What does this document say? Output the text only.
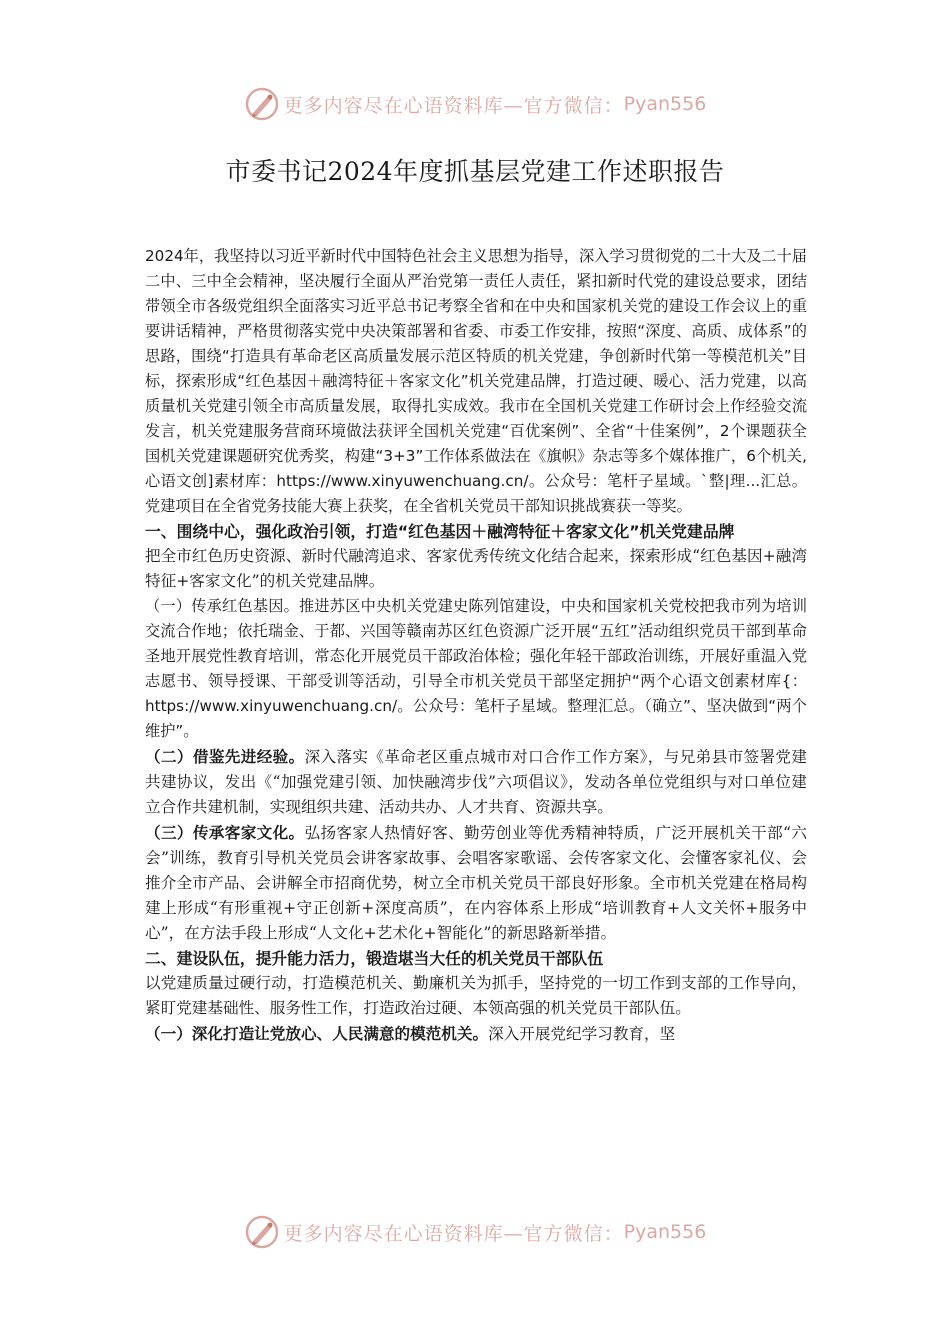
更多内容尽在心语资料库—官方微信： Pyan556
市委书记2024年度抓基层党建工作述职报告

2024年，我坚持以习近平新时代中国特色社会主义思想为指导，深入学习贯彻党的二十大及二十届二中、三中全会精神，坚决履行全面从严治党第一责任人责任，紧扣新时代党的建设总要求，团结带领全市各级党组织全面落实习近平总书记考察全省和在中央和国家机关党的建设工作会议上的重要讲话精神，严格贯彻落实党中央决策部署和省委、市委工作安排，按照“深度、高质、成体系”的思路，围绕“打造具有革命老区高质量发展示范区特质的机关党建，争创新时代第一等模范机关”目标，探索形成“红色基因＋融湾特征＋客家文化”机关党建品牌，打造过硬、暖心、活力党建，以高质量机关党建引领全市高质量发展，取得扎实成效。我市在全国机关党建工作研讨会上作经验交流发言，机关党建服务营商环境做法获评全国机关党建“百优案例”、全省“十佳案例”，2个课题获全国机关党建课题研究优秀奖，构建“3+3”工作体系做法在《旗帜》杂志等多个媒体推广，6个机关,心语文创]素材库：https://www.xinyuwenchuang.cn/。公众号：笔杆子星域。`整|理...汇总。党建项目在全省党务技能大赛上获奖，在全省机关党员干部知识挑战赛获一等奖。

一、围绕中心，强化政治引领，打造“红色基因＋融湾特征＋客家文化”机关党建品牌

把全市红色历史资源、新时代融湾追求、客家优秀传统文化结合起来，探索形成“红色基因+融湾特征+客家文化”的机关党建品牌。

（一）传承红色基因。推进苏区中央机关党建史陈列馆建设，中央和国家机关党校把我市列为培训交流合作地；依托瑞金、于都、兴国等赣南苏区红色资源广泛开展“五红”活动组织党员干部到革命圣地开展党性教育培训，常态化开展党员干部政治体检；强化年轻干部政治训练，开展好重温入党志愿书、领导授课、干部受训等活动，引导全市机关党员干部坚定拥护“两个心语文创素材库{：https://www.xinyuwenchuang.cn/。公众号：笔杆子星域。整理汇总。（确立”、坚决做到“两个维护”。

（二）借鉴先进经验。深入落实《革命老区重点城市对口合作工作方案》，与兄弟县市签署党建共建协议，发出《“加强党建引领、加快融湾步伐”六项倡议》，发动各单位党组织与对口单位建立合作共建机制，实现组织共建、活动共办、人才共育、资源共享。

（三）传承客家文化。弘扬客家人热情好客、勤劳创业等优秀精神特质，广泛开展机关干部“六会”训练，教育引导机关党员会讲客家故事、会唱客家歌谣、会传客家文化、会懂客家礼仪、会推介全市产品、会讲解全市招商优势，树立全市机关党员干部良好形象。全市机关党建在格局构建上形成“有形重视+守正创新+深度高质”，在内容体系上形成“培训教育+人文关怀+服务中心”，在方法手段上形成“人文化+艺术化+智能化”的新思路新举措。

二、建设队伍，提升能力活力，锻造堪当大任的机关党员干部队伍

以党建质量过硬行动，打造模范机关、勤廉机关为抓手，坚持党的一切工作到支部的工作导向，紧盯党建基础性、服务性工作，打造政治过硬、本领高强的机关党员干部队伍。

（一）深化打造让党放心、人民满意的模范机关。深入开展党纪学习教育，坚

更多内容尽在心语资料库—官方微信： Pyan556
